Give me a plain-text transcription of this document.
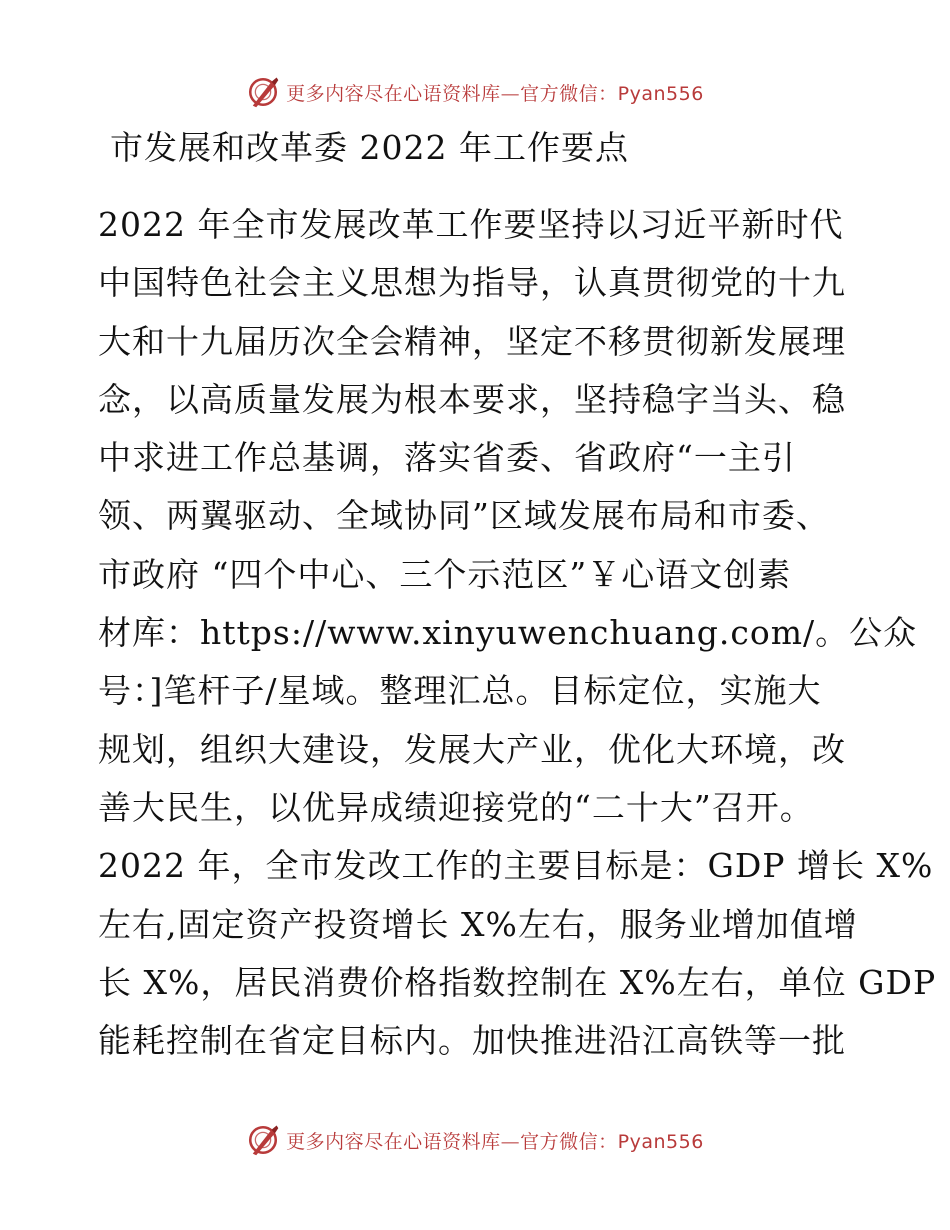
更多内容尽在心语资料库—官方微信：Pyan556
市发展和改革委 2022 年工作要点
2022 年全市发展改革工作要坚持以习近平新时代
中国特色社会主义思想为指导，认真贯彻党的十九
大和十九届历次全会精神，坚定不移贯彻新发展理
念，以高质量发展为根本要求，坚持稳字当头、稳
中求进工作总基调，落实省委、省政府“一主引
领、两翼驱动、全域协同”区域发展布局和市委、
市政府 “四个中心、三个示范区”￥心语文创素
材库：https://www.xinyuwenchuang.com/。公众
号：]笔杆子/星域。整理汇总。目标定位，实施大
规划，组织大建设，发展大产业，优化大环境，改
善大民生，以优异成绩迎接党的“二十大”召开。
2022 年，全市发改工作的主要目标是：GDP 增长 X%
左右,固定资产投资增长 X%左右，服务业增加值增
长 X%，居民消费价格指数控制在 X%左右，单位 GDP
能耗控制在省定目标内。加快推进沿江高铁等一批
更多内容尽在心语资料库—官方微信：Pyan556
